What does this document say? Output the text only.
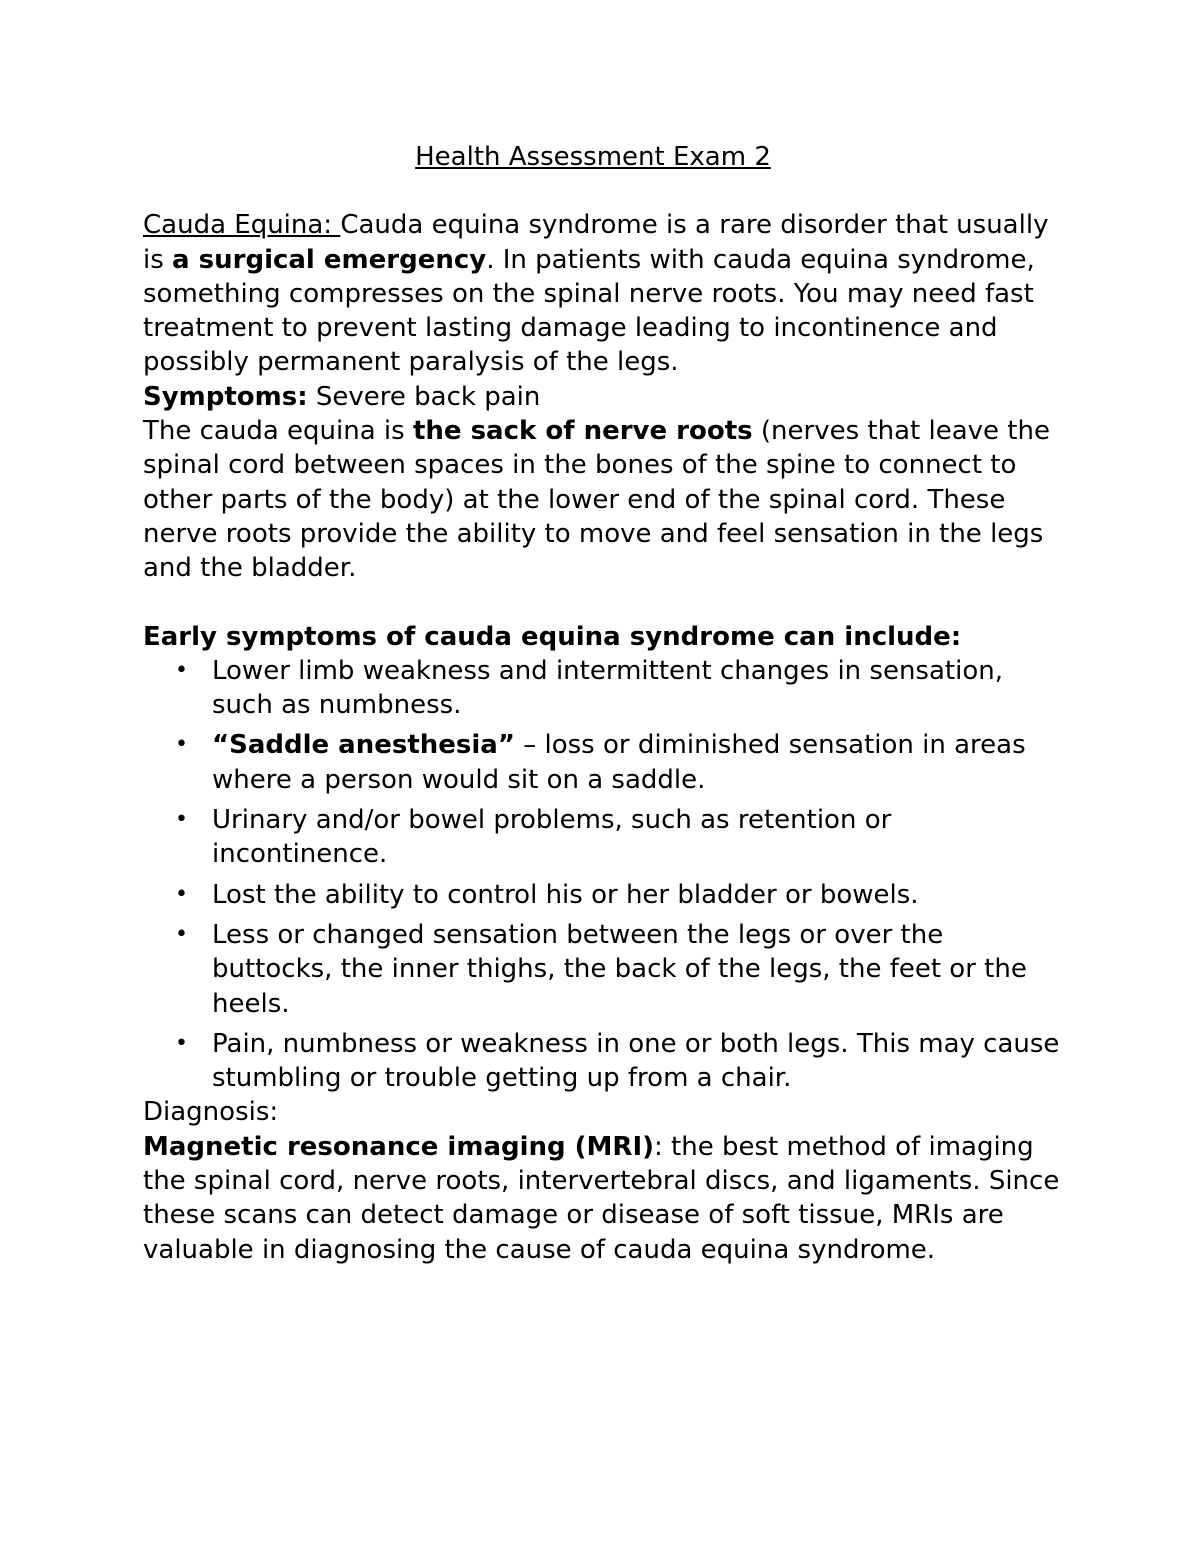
Health Assessment Exam 2

Cauda Equina: Cauda equina syndrome is a rare disorder that usually is a surgical emergency. In patients with cauda equina syndrome, something compresses on the spinal nerve roots. You may need fast treatment to prevent lasting damage leading to incontinence and possibly permanent paralysis of the legs.

Symptoms: Severe back pain

The cauda equina is the sack of nerve roots (nerves that leave the spinal cord between spaces in the bones of the spine to connect to other parts of the body) at the lower end of the spinal cord. These nerve roots provide the ability to move and feel sensation in the legs and the bladder.

Early symptoms of cauda equina syndrome can include:

• Lower limb weakness and intermittent changes in sensation, such as numbness.
• “Saddle anesthesia” – loss or diminished sensation in areas where a person would sit on a saddle.
• Urinary and/or bowel problems, such as retention or incontinence.
• Lost the ability to control his or her bladder or bowels.
• Less or changed sensation between the legs or over the buttocks, the inner thighs, the back of the legs, the feet or the heels.
• Pain, numbness or weakness in one or both legs. This may cause stumbling or trouble getting up from a chair.

Diagnosis:

Magnetic resonance imaging (MRI): the best method of imaging the spinal cord, nerve roots, intervertebral discs, and ligaments. Since these scans can detect damage or disease of soft tissue, MRIs are valuable in diagnosing the cause of cauda equina syndrome.
